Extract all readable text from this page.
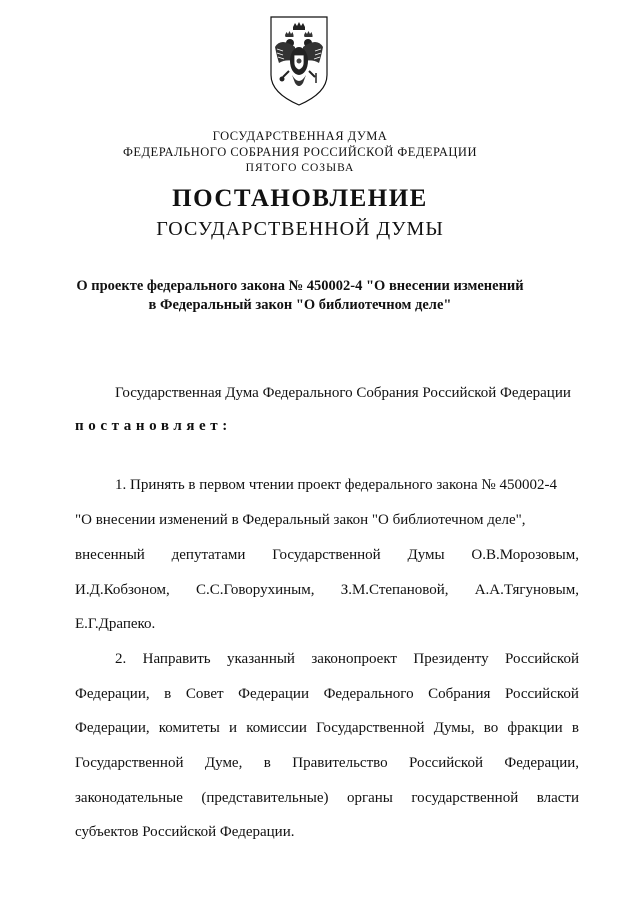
ГОСУДАРСТВЕННАЯ ДУМА
ФЕДЕРАЛЬНОГО СОБРАНИЯ РОССИЙСКОЙ ФЕДЕРАЦИИ
ПЯТОГО СОЗЫВА
ПОСТАНОВЛЕНИЕ
ГОСУДАРСТВЕННОЙ ДУМЫ
О проекте федерального закона № 450002-4 "О внесении изменений
в Федеральный закон "О библиотечном деле"
Государственная Дума Федерального Собрания Российской Федерации
постановляет:
1. Принять в первом чтении проект федерального закона № 450002-4
"О внесении изменений в Федеральный закон "О библиотечном деле",
внесенный депутатами Государственной Думы О.В.Морозовым,
И.Д.Кобзоном, С.С.Говорухиным, З.М.Степановой, А.А.Тягуновым,
Е.Г.Драпеко.
2. Направить указанный законопроект Президенту Российской
Федерации, в Совет Федерации Федерального Собрания Российской
Федерации, комитеты и комиссии Государственной Думы, во фракции в
Государственной Думе, в Правительство Российской Федерации,
законодательные (представительные) органы государственной власти
субъектов Российской Федерации.
